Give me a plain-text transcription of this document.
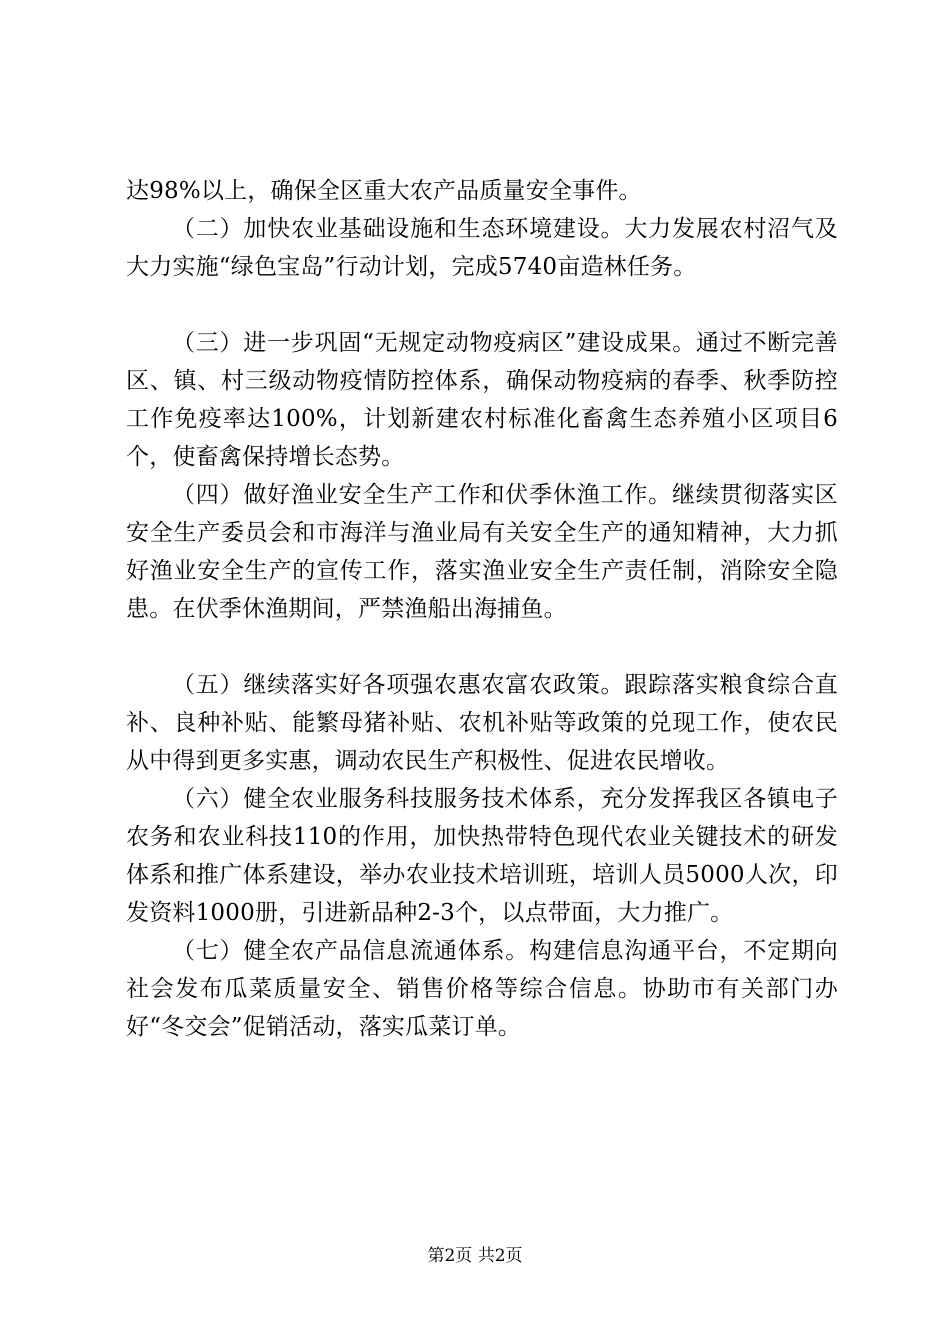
达98%以上，确保全区重大农产品质量安全事件。

（二）加快农业基础设施和生态环境建设。大力发展农村沼气及大力实施“绿色宝岛”行动计划，完成5740亩造林任务。

（三）进一步巩固“无规定动物疫病区”建设成果。通过不断完善区、镇、村三级动物疫情防控体系，确保动物疫病的春季、秋季防控工作免疫率达100%，计划新建农村标准化畜禽生态养殖小区项目6个，使畜禽保持增长态势。

（四）做好渔业安全生产工作和伏季休渔工作。继续贯彻落实区安全生产委员会和市海洋与渔业局有关安全生产的通知精神，大力抓好渔业安全生产的宣传工作，落实渔业安全生产责任制，消除安全隐患。在伏季休渔期间，严禁渔船出海捕鱼。

（五）继续落实好各项强农惠农富农政策。跟踪落实粮食综合直补、良种补贴、能繁母猪补贴、农机补贴等政策的兑现工作，使农民从中得到更多实惠，调动农民生产积极性、促进农民增收。

（六）健全农业服务科技服务技术体系，充分发挥我区各镇电子农务和农业科技110的作用，加快热带特色现代农业关键技术的研发体系和推广体系建设，举办农业技术培训班，培训人员5000人次，印发资料1000册，引进新品种2-3个，以点带面，大力推广。

（七）健全农产品信息流通体系。构建信息沟通平台，不定期向社会发布瓜菜质量安全、销售价格等综合信息。协助市有关部门办好“冬交会”促销活动，落实瓜菜订单。

第2页 共2页
